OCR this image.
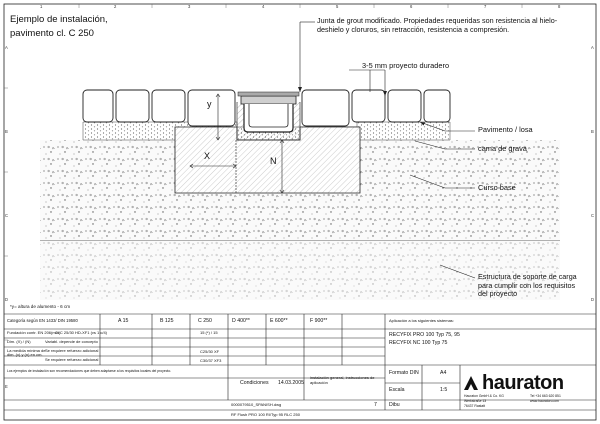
1	2	3	4	5	6	7	8
A
B
C
D
E
A
B
C
D
Ejemplo de instalación,
pavimento cl. C 250
Junta de grout modificado. Propiedades requeridas son resistencia al hielo-deshielo y cloruros, sin retracción, resistencia a compresión.
3-5 mm proyecto duradero
Pavimento / losa
cama de grava
Curso base
Estructura de soporte de carga para cumplir con los requisitos del proyecto
y
X	N
*y= altura de alumento - 6 cm
Categoría según EN 1433/ DIN 19580	A 15	B 125	C 250	D 400**	E 600**	F 900**
Fundación contr. EN 206(mín)
Cl C 25/30 HD-XF1 (vs 1 c/4)	15 (*) / 15
Dim. (X) / (N)	Variabl. depende de concepto
La medida mínima de dim. (x) y (n) en cm.
Se requiere refuerzo adicional	C25/30 XF
Se requiere refuerzo adicional	C30/37 XF3
Los ejemplos de instalación son recomendaciones que deben adaptarse a los requisitos locales del proyecto.
Condiciones 14.03.2005
instalación general, instrucciones de aplicación
Aplicación a los siguientes sistemas:
RECYFIX PRO 100 Typ 75, 95
RECYFIX NC 100 Typ 75
Formato DIN	A4
Escala	1:5
Dibu
7
0000079510_SPANISH.dwg
RF Flush PRO 100 RI/Typ 95 RLC 250
hauraton
Hauraton GmbH & Co. KG
Werkstraße 13
76437 Rastatt
Tel +34 663 620 851
www.hauraton.com
